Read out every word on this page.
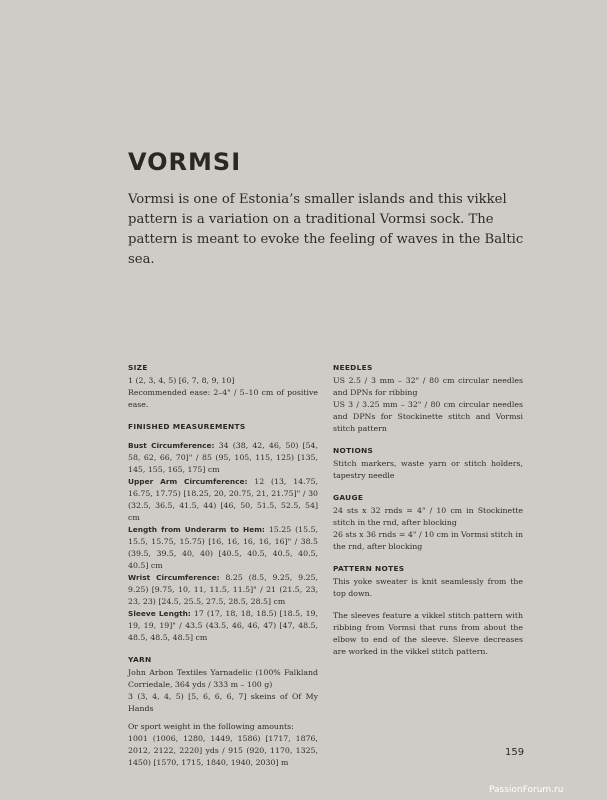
VORMSI

Vormsi is one of Estonia’s smaller islands and this vikkel pattern is a variation on a traditional Vormsi sock. The pattern is meant to evoke the feeling of waves in the Baltic sea.

SIZE

1 (2, 3, 4, 5) [6, 7, 8, 9, 10]

Recommended ease: 2–4" / 5–10 cm of positive ease.

FINISHED MEASUREMENTS

Bust Circumference: 34 (38, 42, 46, 50) [54, 58, 62, 66, 70]" / 85 (95, 105, 115, 125) [135, 145, 155, 165, 175] cm

Upper Arm Circumference: 12 (13, 14.75, 16.75, 17.75) [18.25, 20, 20.75, 21, 21.75]" / 30 (32.5, 36.5, 41.5, 44) [46, 50, 51.5, 52.5, 54] cm

Length from Underarm to Hem: 15.25 (15.5, 15.5, 15.75, 15.75) [16, 16, 16, 16, 16]" / 38.5 (39.5, 39.5, 40, 40) [40.5, 40.5, 40.5, 40.5, 40.5] cm

Wrist Circumference: 8.25 (8.5, 9.25, 9.25, 9.25) [9.75, 10, 11, 11.5, 11.5]" / 21 (21.5, 23, 23, 23) [24.5, 25.5, 27.5, 28.5, 28.5] cm

Sleeve Length: 17 (17, 18, 18, 18.5) [18.5, 19, 19, 19, 19]" / 43.5 (43.5, 46, 46, 47) [47, 48.5, 48.5, 48.5, 48.5] cm

YARN

John Arbon Textiles Yarnadelic (100% Falkland Corriedale, 364 yds / 333 m – 100 g)

3 (3, 4, 4, 5) [5, 6, 6, 6, 7] skeins of Of My Hands

Or sport weight in the following amounts:

1001 (1006, 1280, 1449, 1586) [1717, 1876, 2012, 2122, 2220] yds / 915 (920, 1170, 1325, 1450) [1570, 1715, 1840, 1940, 2030] m

NEEDLES

US 2.5 / 3 mm – 32" / 80 cm circular needles and DPNs for ribbing

US 3 / 3.25 mm – 32" / 80 cm circular needles and DPNs for Stockinette stitch and Vormsi stitch pattern

NOTIONS

Stitch markers, waste yarn or stitch holders, tapestry needle

GAUGE

24 sts x 32 rnds = 4" / 10 cm in Stockinette stitch in the rnd, after blocking

26 sts x 36 rnds = 4" / 10 cm in Vormsi stitch in the rnd, after blocking

PATTERN NOTES

This yoke sweater is knit seamlessly from the top down.

The sleeves feature a vikkel stitch pattern with ribbing from Vormsi that runs from about the elbow to end of the sleeve. Sleeve decreases are worked in the vikkel stitch pattern.

159
PassionForum.ru
